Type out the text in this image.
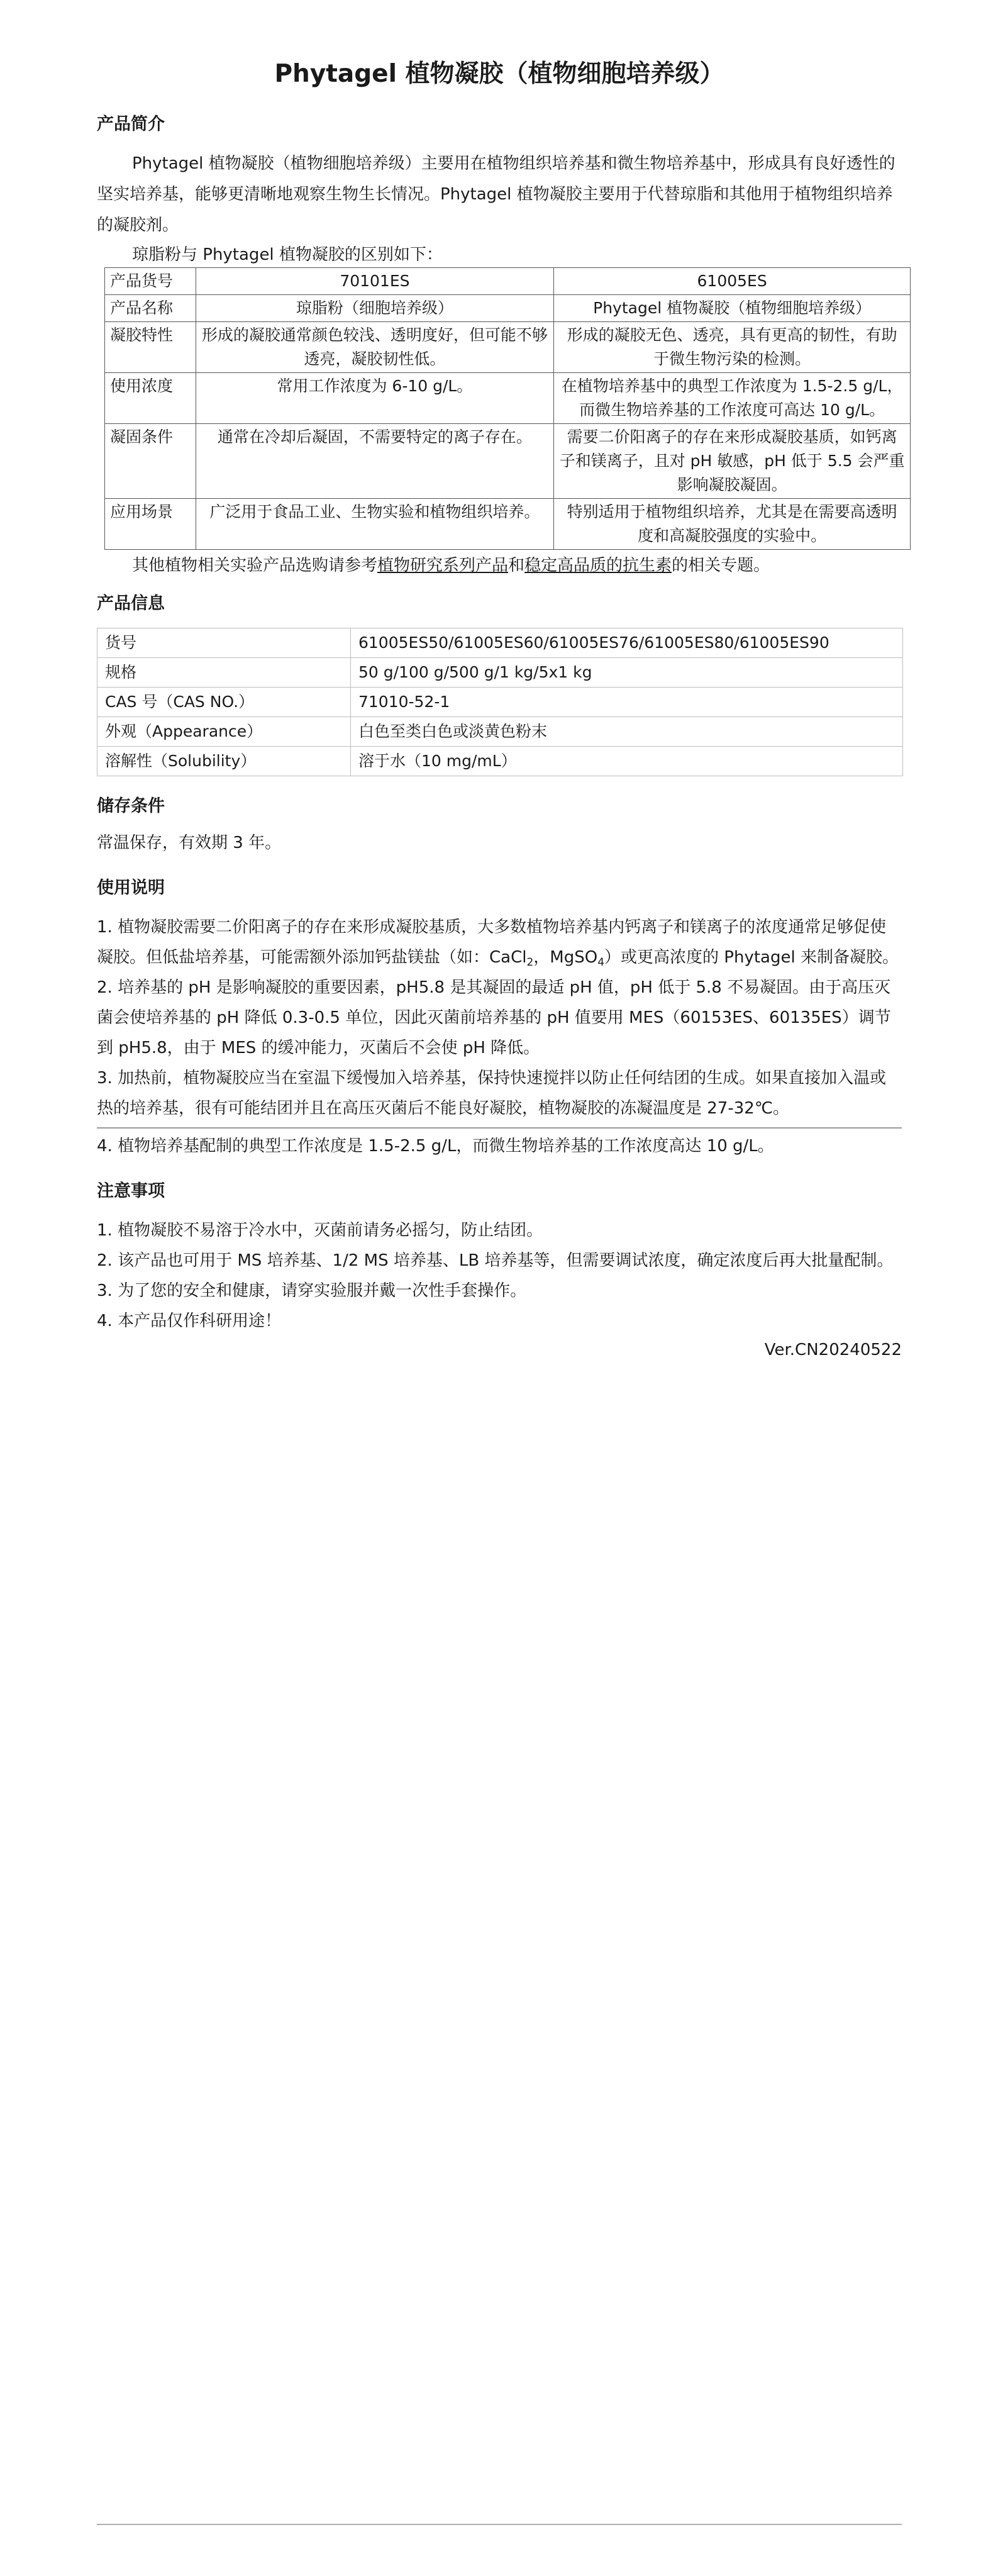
Phytagel 植物凝胶（植物细胞培养级）
产品简介

Phytagel 植物凝胶（植物细胞培养级）主要用在植物组织培养基和微生物培养基中，形成具有良好透性的坚实培养基，能够更清晰地观察生物生长情况。Phytagel 植物凝胶主要用于代替琼脂和其他用于植物组织培养的凝胶剂。

琼脂粉与 Phytagel 植物凝胶的区别如下：
产品货号	70101ES	61005ES
产品名称	琼脂粉（细胞培养级）	Phytagel 植物凝胶（植物细胞培养级）
凝胶特性	形成的凝胶通常颜色较浅、透明度好，但可能不够透亮，凝胶韧性低。	形成的凝胶无色、透亮，具有更高的韧性，有助于微生物污染的检测。
使用浓度	常用工作浓度为 6-10 g/L。	在植物培养基中的典型工作浓度为 1.5-2.5 g/L，而微生物培养基的工作浓度可高达 10 g/L。
凝固条件	通常在冷却后凝固，不需要特定的离子存在。	需要二价阳离子的存在来形成凝胶基质，如钙离子和镁离子，且对 pH 敏感，pH 低于 5.5 会严重影响凝胶凝固。
应用场景	广泛用于食品工业、生物实验和植物组织培养。	特别适用于植物组织培养，尤其是在需要高透明度和高凝胶强度的实验中。
其他植物相关实验产品选购请参考植物研究系列产品和稳定高品质的抗生素的相关专题。
产品信息
货号	61005ES50/61005ES60/61005ES76/61005ES80/61005ES90
规格	50 g/100 g/500 g/1 kg/5x1 kg
CAS 号（CAS NO.）	71010-52-1
外观（Appearance）	白色至类白色或淡黄色粉末
溶解性（Solubility）	溶于水（10 mg/mL）
储存条件
常温保存，有效期 3 年。
使用说明

1. 植物凝胶需要二价阳离子的存在来形成凝胶基质，大多数植物培养基内钙离子和镁离子的浓度通常足够促使凝胶。但低盐培养基，可能需额外添加钙盐镁盐（如：CaCl$_2$，MgSO$_4$）或更高浓度的 Phytagel 来制备凝胶。

2. 培养基的 pH 是影响凝胶的重要因素，pH5.8 是其凝固的最适 pH 值，pH 低于 5.8 不易凝固。由于高压灭菌会使培养基的 pH 降低 0.3-0.5 单位，因此灭菌前培养基的 pH 值要用 MES（60153ES、60135ES）调节到 pH5.8，由于 MES 的缓冲能力，灭菌后不会使 pH 降低。

3. 加热前，植物凝胶应当在室温下缓慢加入培养基，保持快速搅拌以防止任何结团的生成。如果直接加入温或热的培养基，很有可能结团并且在高压灭菌后不能良好凝胶，植物凝胶的冻凝温度是 27-32℃。

4. 植物培养基配制的典型工作浓度是 1.5-2.5 g/L，而微生物培养基的工作浓度高达 10 g/L。

注意事项

1. 植物凝胶不易溶于冷水中，灭菌前请务必摇匀，防止结团。

2. 该产品也可用于 MS 培养基、1/2 MS 培养基、LB 培养基等，但需要调试浓度，确定浓度后再大批量配制。

3. 为了您的安全和健康，请穿实验服并戴一次性手套操作。

4. 本产品仅作科研用途！

Ver.CN20240522
